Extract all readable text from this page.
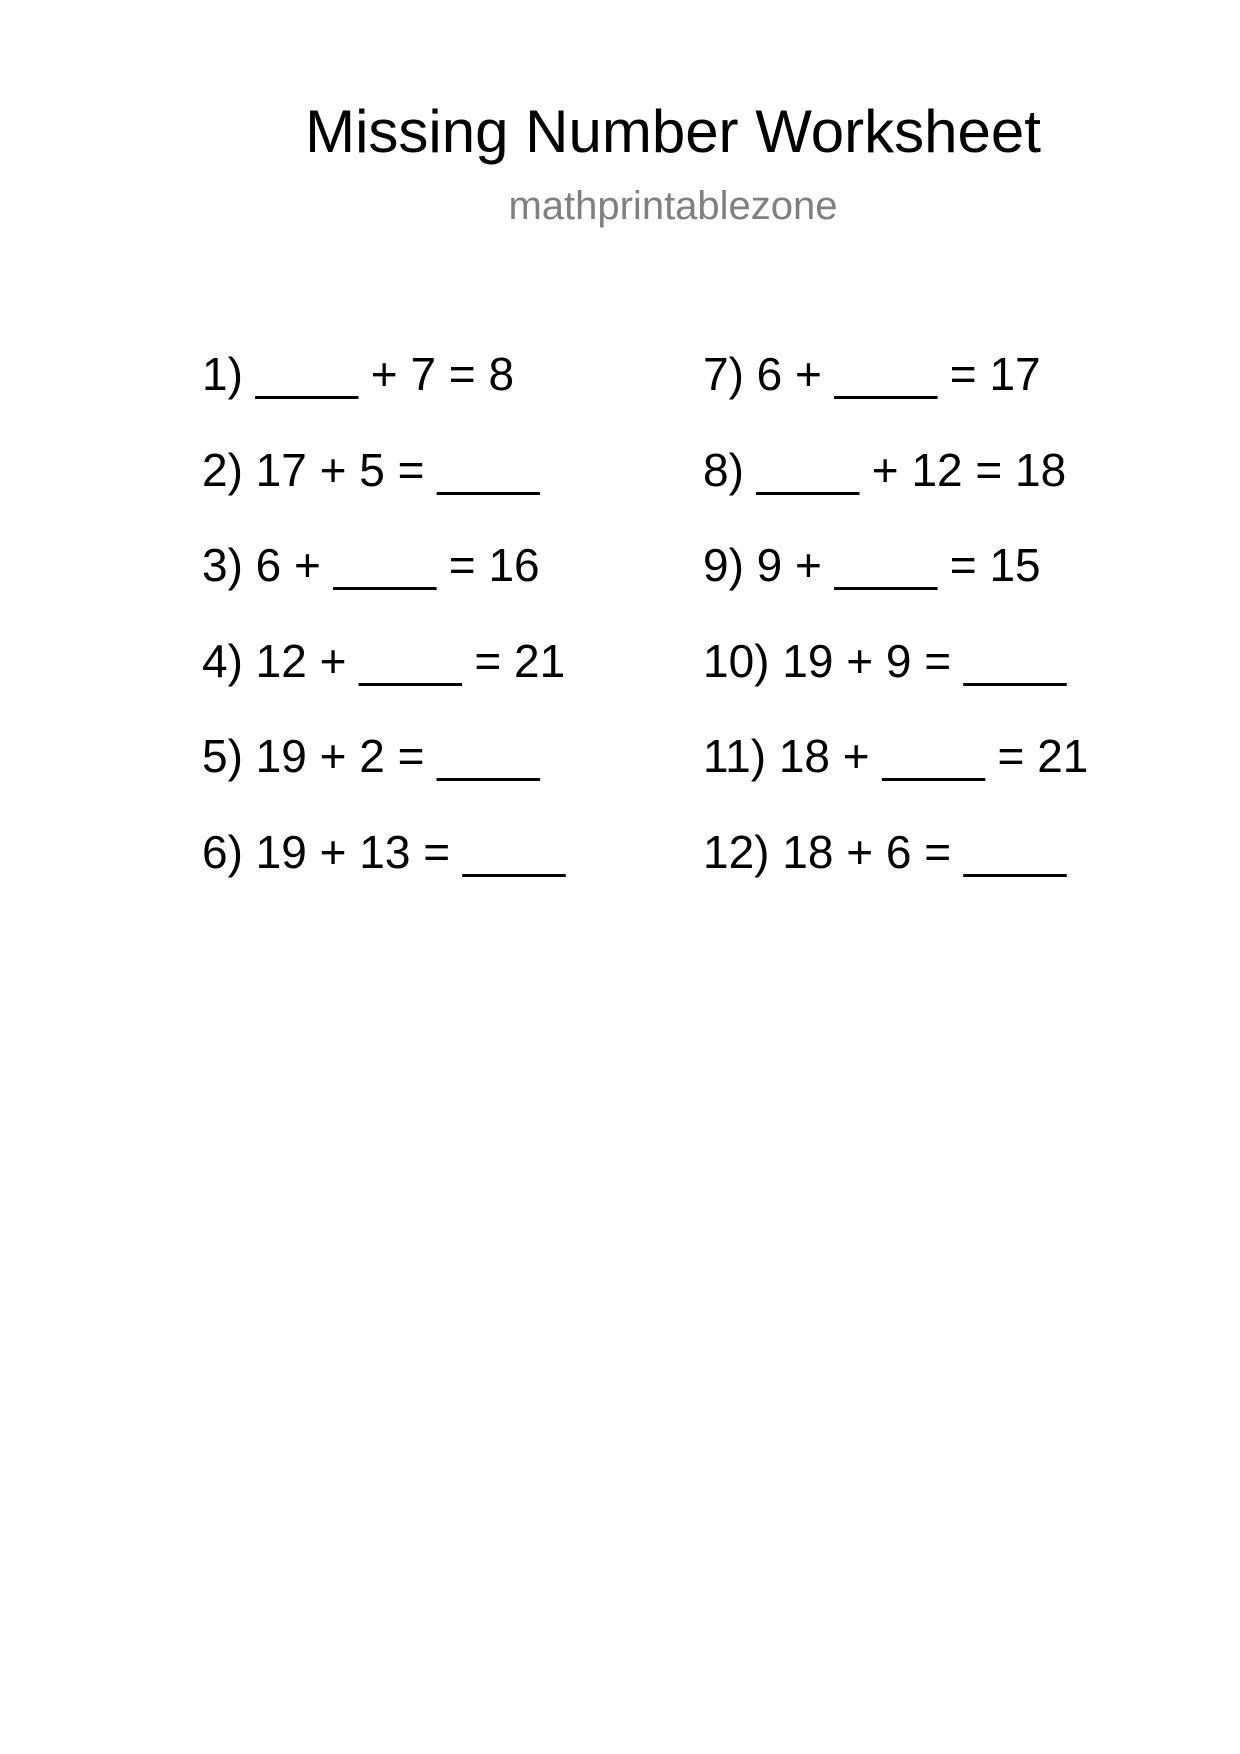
Missing Number Worksheet
mathprintablezone
1) ____ + 7 = 8
2) 17 + 5 = ____
3) 6 + ____ = 16
4) 12 + ____ = 21
5) 19 + 2 = ____
6) 19 + 13 = ____
7) 6 + ____ = 17
8) ____ + 12 = 18
9) 9 + ____ = 15
10) 19 + 9 = ____
11) 18 + ____ = 21
12) 18 + 6 = ____
